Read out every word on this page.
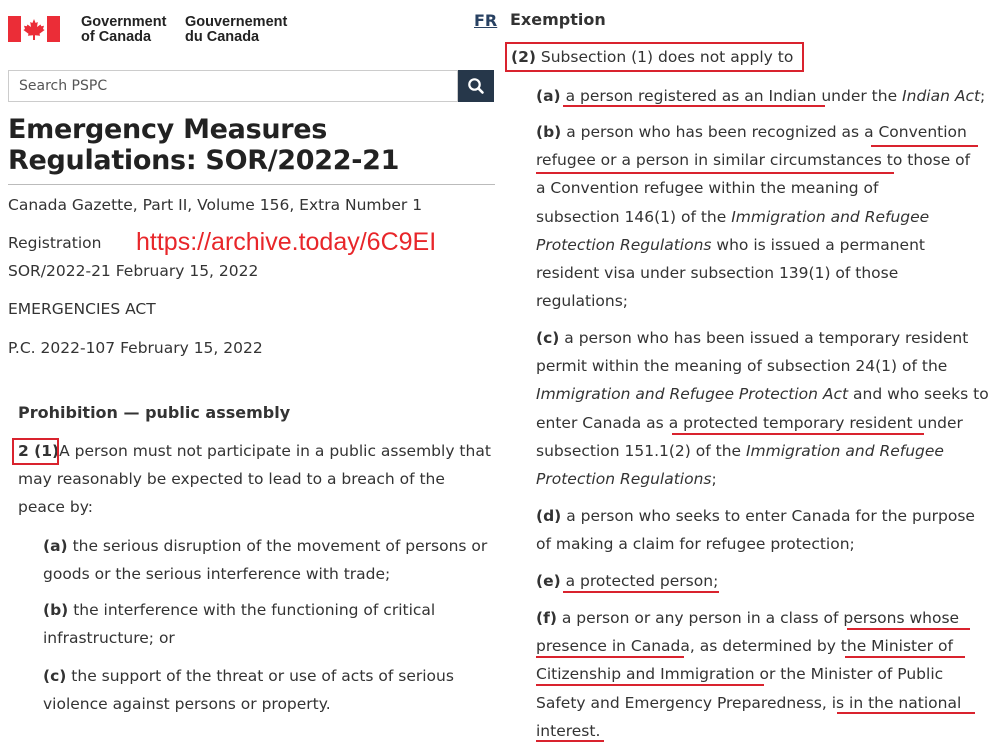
Government
of Canada
Gouvernement
du Canada
FR
Search PSPC
Emergency Measures
Regulations: SOR/2022-21
Canada Gazette, Part II, Volume 156, Extra Number 1
Registration https://archive.today/6C9EI
SOR/2022-21 February 15, 2022
EMERGENCIES ACT
P.C. 2022-107 February 15, 2022
Prohibition — public assembly
2 (1)A person must not participate in a public assembly that
may reasonably be expected to lead to a breach of the
peace by:
(a) the serious disruption of the movement of persons or
goods or the serious interference with trade;
(b) the interference with the functioning of critical
infrastructure; or
(c) the support of the threat or use of acts of serious
violence against persons or property.
Exemption
(2) Subsection (1) does not apply to
(a) a person registered as an Indian under the Indian Act;
(b) a person who has been recognized as a Convention
refugee or a person in similar circumstances to those of
a Convention refugee within the meaning of
subsection 146(1) of the Immigration and Refugee
Protection Regulations who is issued a permanent
resident visa under subsection 139(1) of those
regulations;
(c) a person who has been issued a temporary resident
permit within the meaning of subsection 24(1) of the
Immigration and Refugee Protection Act and who seeks to
enter Canada as a protected temporary resident under
subsection 151.1(2) of the Immigration and Refugee
Protection Regulations;
(d) a person who seeks to enter Canada for the purpose
of making a claim for refugee protection;
(e) a protected person;
(f) a person or any person in a class of persons whose
presence in Canada, as determined by the Minister of
Citizenship and Immigration or the Minister of Public
Safety and Emergency Preparedness, is in the national
interest.
